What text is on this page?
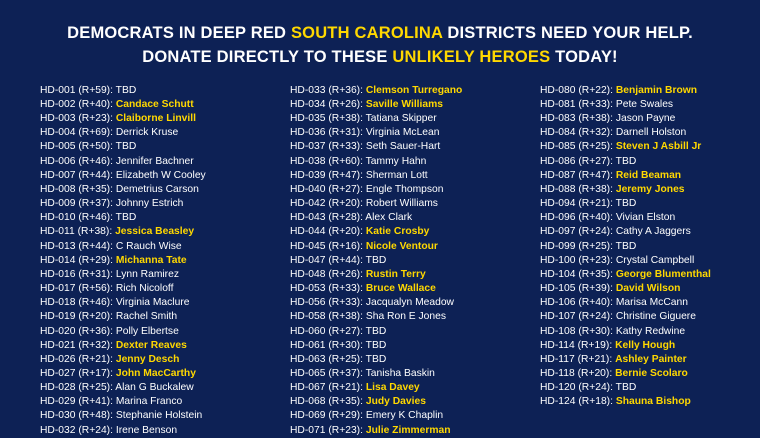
DEMOCRATS IN DEEP RED SOUTH CAROLINA DISTRICTS NEED YOUR HELP.
DONATE DIRECTLY TO THESE UNLIKELY HEROES TODAY!
HD-001 (R+59): TBD
HD-002 (R+40): Candace Schutt
HD-003 (R+23): Claiborne Linvill
HD-004 (R+69): Derrick Kruse
HD-005 (R+50): TBD
HD-006 (R+46): Jennifer Bachner
HD-007 (R+44): Elizabeth W Cooley
HD-008 (R+35): Demetrius Carson
HD-009 (R+37): Johnny Estrich
HD-010 (R+46): TBD
HD-011 (R+38): Jessica Beasley
HD-013 (R+44): C Rauch Wise
HD-014 (R+29): Michanna Tate
HD-016 (R+31): Lynn Ramirez
HD-017 (R+56): Rich Nicoloff
HD-018 (R+46): Virginia Maclure
HD-019 (R+20): Rachel Smith
HD-020 (R+36): Polly Elbertse
HD-021 (R+32): Dexter Reaves
HD-026 (R+21): Jenny Desch
HD-027 (R+17): John MacCarthy
HD-028 (R+25): Alan G Buckalew
HD-029 (R+41): Marina Franco
HD-030 (R+48): Stephanie Holstein
HD-032 (R+24): Irene Benson
HD-033 (R+36): Clemson Turregano
HD-034 (R+26): Saville Williams
HD-035 (R+38): Tatiana Skipper
HD-036 (R+31): Virginia McLean
HD-037 (R+33): Seth Sauer-Hart
HD-038 (R+60): Tammy Hahn
HD-039 (R+47): Sherman Lott
HD-040 (R+27): Engle Thompson
HD-042 (R+20): Robert Williams
HD-043 (R+28): Alex Clark
HD-044 (R+20): Katie Crosby
HD-045 (R+16): Nicole Ventour
HD-047 (R+44): TBD
HD-048 (R+26): Rustin Terry
HD-053 (R+33): Bruce Wallace
HD-056 (R+33): Jacqualyn Meadow
HD-058 (R+38): Sha Ron E Jones
HD-060 (R+27): TBD
HD-061 (R+30): TBD
HD-063 (R+25): TBD
HD-065 (R+37): Tanisha Baskin
HD-067 (R+21): Lisa Davey
HD-068 (R+35): Judy Davies
HD-069 (R+29): Emery K Chaplin
HD-071 (R+23): Julie Zimmerman
HD-080 (R+22): Benjamin Brown
HD-081 (R+33): Pete Swales
HD-083 (R+38): Jason Payne
HD-084 (R+32): Darnell Holston
HD-085 (R+25): Steven J Asbill Jr
HD-086 (R+27): TBD
HD-087 (R+47): Reid Beaman
HD-088 (R+38): Jeremy Jones
HD-094 (R+21): TBD
HD-096 (R+40): Vivian Elston
HD-097 (R+24): Cathy A Jaggers
HD-099 (R+25): TBD
HD-100 (R+23): Crystal Campbell
HD-104 (R+35): George Blumenthal
HD-105 (R+39): David Wilson
HD-106 (R+40): Marisa McCann
HD-107 (R+24): Christine Giguere
HD-108 (R+30): Kathy Redwine
HD-114 (R+19): Kelly Hough
HD-117 (R+21): Ashley Painter
HD-118 (R+20): Bernie Scolaro
HD-120 (R+24): TBD
HD-124 (R+18): Shauna Bishop
